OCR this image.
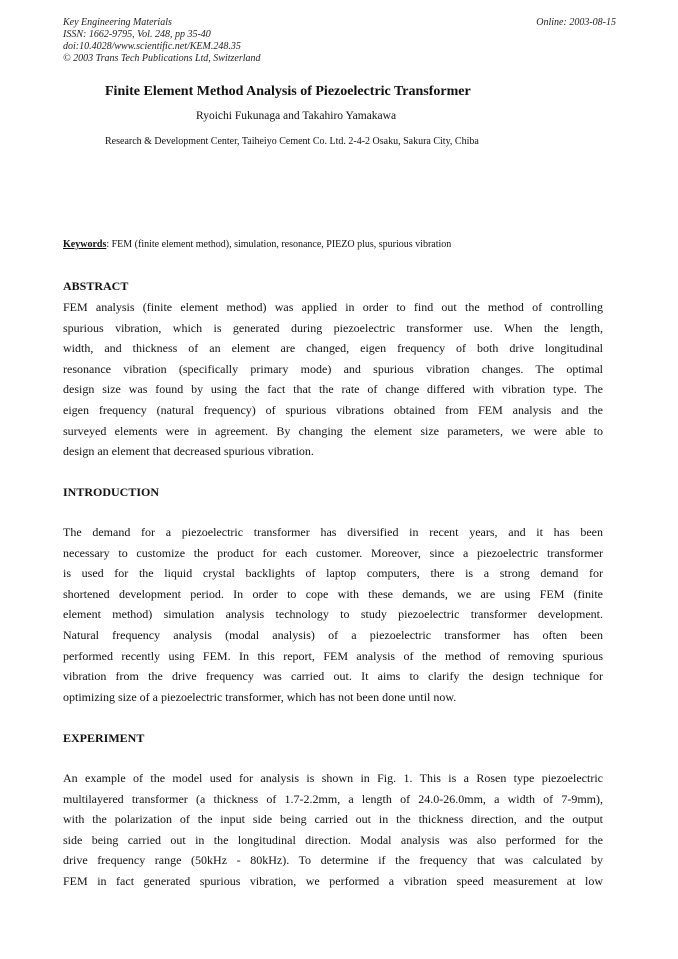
Key Engineering Materials
ISSN: 1662-9795, Vol. 248, pp 35-40
doi:10.4028/www.scientific.net/KEM.248.35
© 2003 Trans Tech Publications Ltd, Switzerland
Online: 2003-08-15
Finite Element Method Analysis of Piezoelectric Transformer
Ryoichi Fukunaga and Takahiro Yamakawa
Research & Development Center, Taiheiyo Cement Co. Ltd. 2-4-2 Osaku, Sakura City, Chiba
Keywords: FEM (finite element method), simulation, resonance, PIEZO plus, spurious vibration
ABSTRACT
FEM analysis (finite element method) was applied in order to find out the method of controlling
spurious vibration, which is generated during piezoelectric transformer use. When the length,
width, and thickness of an element are changed, eigen frequency of both drive longitudinal
resonance vibration (specifically primary mode) and spurious vibration changes. The optimal
design size was found by using the fact that the rate of change differed with vibration type. The
eigen frequency (natural frequency) of spurious vibrations obtained from FEM analysis and the
surveyed elements were in agreement. By changing the element size parameters, we were able to
design an element that decreased spurious vibration.
INTRODUCTION
The demand for a piezoelectric transformer has diversified in recent years, and it has been
necessary to customize the product for each customer. Moreover, since a piezoelectric transformer
is used for the liquid crystal backlights of laptop computers, there is a strong demand for
shortened development period. In order to cope with these demands, we are using FEM (finite
element method) simulation analysis technology to study piezoelectric transformer development.
Natural frequency analysis (modal analysis) of a piezoelectric transformer has often been
performed recently using FEM. In this report, FEM analysis of the method of removing spurious
vibration from the drive frequency was carried out. It aims to clarify the design technique for
optimizing size of a piezoelectric transformer, which has not been done until now.
EXPERIMENT
An example of the model used for analysis is shown in Fig. 1. This is a Rosen type piezoelectric
multilayered transformer (a thickness of 1.7-2.2mm, a length of 24.0-26.0mm, a width of 7-9mm),
with the polarization of the input side being carried out in the thickness direction, and the output
side being carried out in the longitudinal direction. Modal analysis was also performed for the
drive frequency range (50kHz - 80kHz). To determine if the frequency that was calculated by
FEM in fact generated spurious vibration, we performed a vibration speed measurement at low
